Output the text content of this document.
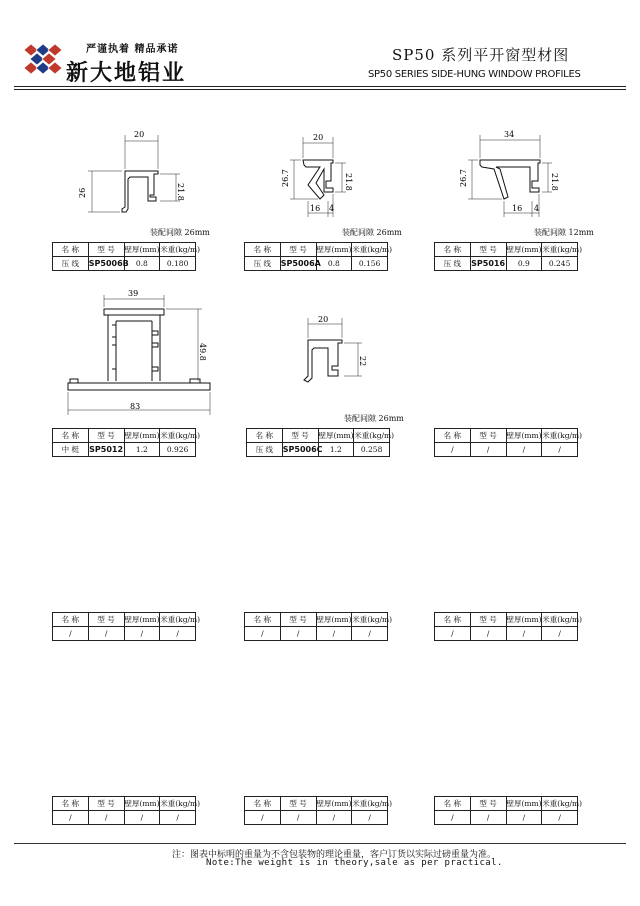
严谨执着 精品承诺
新大地铝业
SP50 系列平开窗型材图
SP50 SERIES SIDE-HUNG WINDOW PROFILES
20
26	21.8
装配间隙 26mm
名 称	型 号	壁厚(mm)	米重(kg/m)
压 线	SP5006B	0.8	0.180
20
26.7	21.8
16 4
装配间隙 26mm
名 称	型 号	壁厚(mm)	米重(kg/m)
压 线	SP5006A	0.8	0.156
34
26.7	21.8
16 4
装配间隙 12mm
名 称	型 号	壁厚(mm)	米重(kg/m)
压 线	SP5016	0.9	0.245
39
49.8
83
名 称	型 号	壁厚(mm)	米重(kg/m)
中 梃	SP5012	1.2	0.926
20
22
装配间隙 26mm
名 称	型 号	壁厚(mm)	米重(kg/m)
压 线	SP5006C	1.2	0.258
名 称	型 号	壁厚(mm)	米重(kg/m)
/	/	/	/
名 称	型 号	壁厚(mm)	米重(kg/m)
/	/	/	/
名 称	型 号	壁厚(mm)	米重(kg/m)
/	/	/	/
名 称	型 号	壁厚(mm)	米重(kg/m)
/	/	/	/
名 称	型 号	壁厚(mm)	米重(kg/m)
/	/	/	/
名 称	型 号	壁厚(mm)	米重(kg/m)
/	/	/	/
名 称	型 号	壁厚(mm)	米重(kg/m)
/	/	/	/
注：图表中标明的重量为不含包装物的理论重量，客户订货以实际过磅重量为准。
Note:The weight is in theory,sale as per practical.
